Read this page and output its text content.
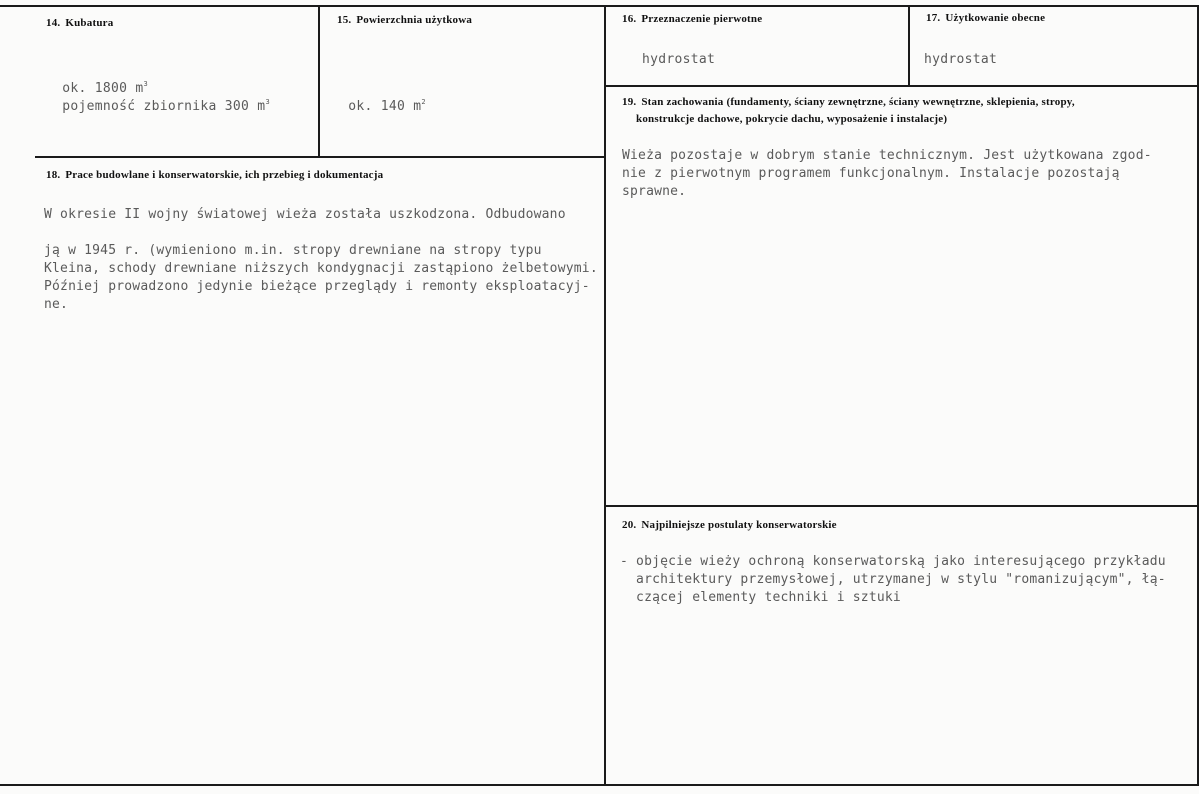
14. Kubatura

ok. 1800 $m^3$

pojemność zbiornika 300 $m^3$

15. Powierzchnia użytkowa

ok. 140 $m^2$

16. Przeznaczenie pierwotne
hydrostat
17. Użytkowanie obecne
hydrostat
18. Prace budowlane i konserwatorskie, ich przebieg i dokumentacja
W okresie II wojny światowej wieża została uszkodzona. Odbudowano
ją w 1945 r. (wymieniono m.in. stropy drewniane na stropy typu
Kleina, schody drewniane niższych kondygnacji zastąpiono żelbetowymi.
Później prowadzono jedynie bieżące przeglądy i remonty eksploatacyj-
ne.
19. Stan zachowania (fundamenty, ściany zewnętrzne, ściany wewnętrzne, sklepienia, stropy,
konstrukcje dachowe, pokrycie dachu, wyposażenie i instalacje)
Wieża pozostaje w dobrym stanie technicznym. Jest użytkowana zgod-
nie z pierwotnym programem funkcjonalnym. Instalacje pozostają
sprawne.
20. Najpilniejsze postulaty konserwatorskie
- objęcie wieży ochroną konserwatorską jako interesującego przykładu
architektury przemysłowej, utrzymanej w stylu "romanizującym", łą-
czącej elementy techniki i sztuki
